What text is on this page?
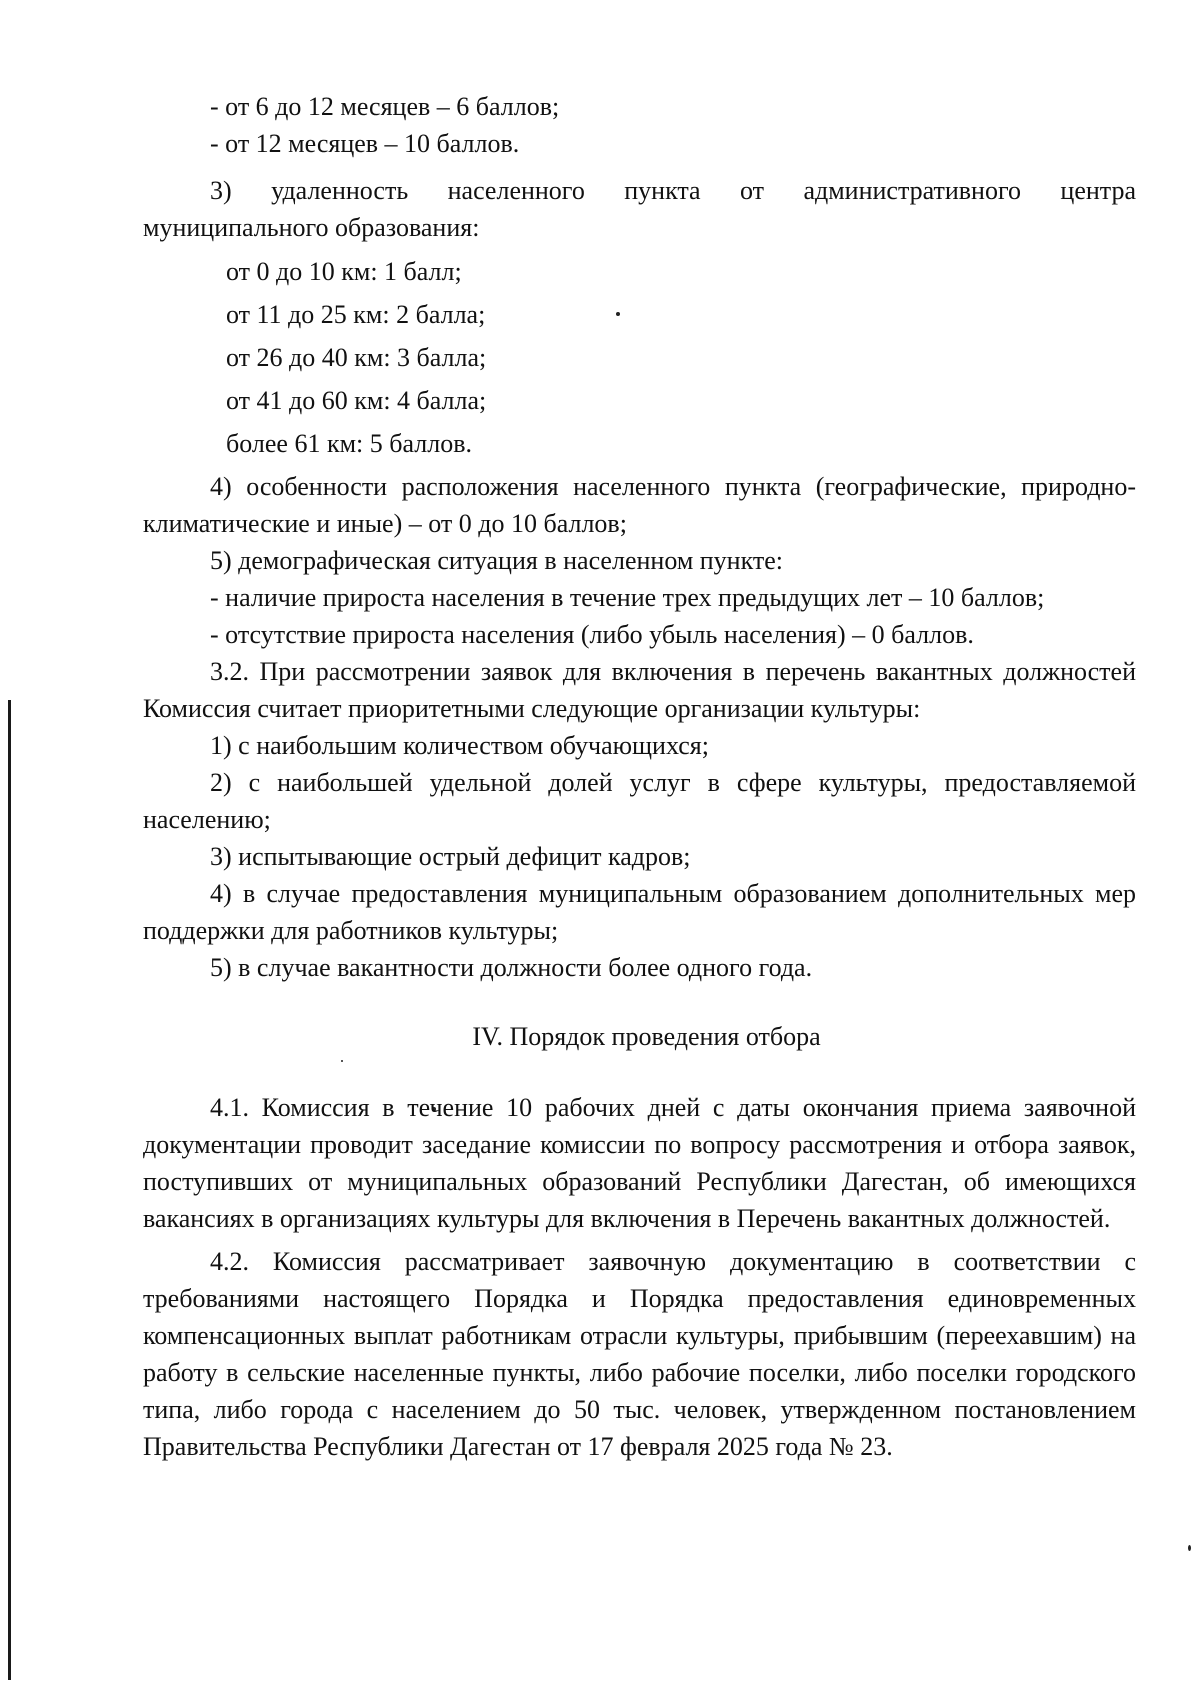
- от 6 до 12 месяцев – 6 баллов;

- от 12 месяцев – 10 баллов.

3) удаленность населенного пункта от административного центра

муниципального образования:

от 0 до 10 км: 1 балл;

от 11 до 25 км: 2 балла;

от 26 до 40 км: 3 балла;

от 41 до 60 км: 4 балла;

более 61 км: 5 баллов.

4) особенности расположения населенного пункта (географические, природно-климатические и иные) – от 0 до 10 баллов;

5) демографическая ситуация в населенном пункте:

- наличие прироста населения в течение трех предыдущих лет – 10 баллов;

- отсутствие прироста населения (либо убыль населения) – 0 баллов.

3.2. При рассмотрении заявок для включения в перечень вакантных должностей Комиссия считает приоритетными следующие организации культуры:

1) с наибольшим количеством обучающихся;

2) с наибольшей удельной долей услуг в сфере культуры, предоставляемой населению;

3) испытывающие острый дефицит кадров;

4) в случае предоставления муниципальным образованием дополнительных мер поддержки для работников культуры;

5) в случае вакантности должности более одного года.

IV. Порядок проведения отбора

4.1. Комиссия в течение 10 рабочих дней с даты окончания приема заявочной документации проводит заседание комиссии по вопросу рассмотрения и отбора заявок, поступивших от муниципальных образований Республики Дагестан, об имеющихся вакансиях в организациях культуры для включения в Перечень вакантных должностей.

4.2. Комиссия рассматривает заявочную документацию в соответствии с требованиями настоящего Порядка и Порядка предоставления единовременных компенсационных выплат работникам отрасли культуры, прибывшим (переехавшим) на работу в сельские населенные пункты, либо рабочие поселки, либо поселки городского типа, либо города с населением до 50 тыс. человек, утвержденном постановлением Правительства Республики Дагестан от 17 февраля 2025 года № 23.
